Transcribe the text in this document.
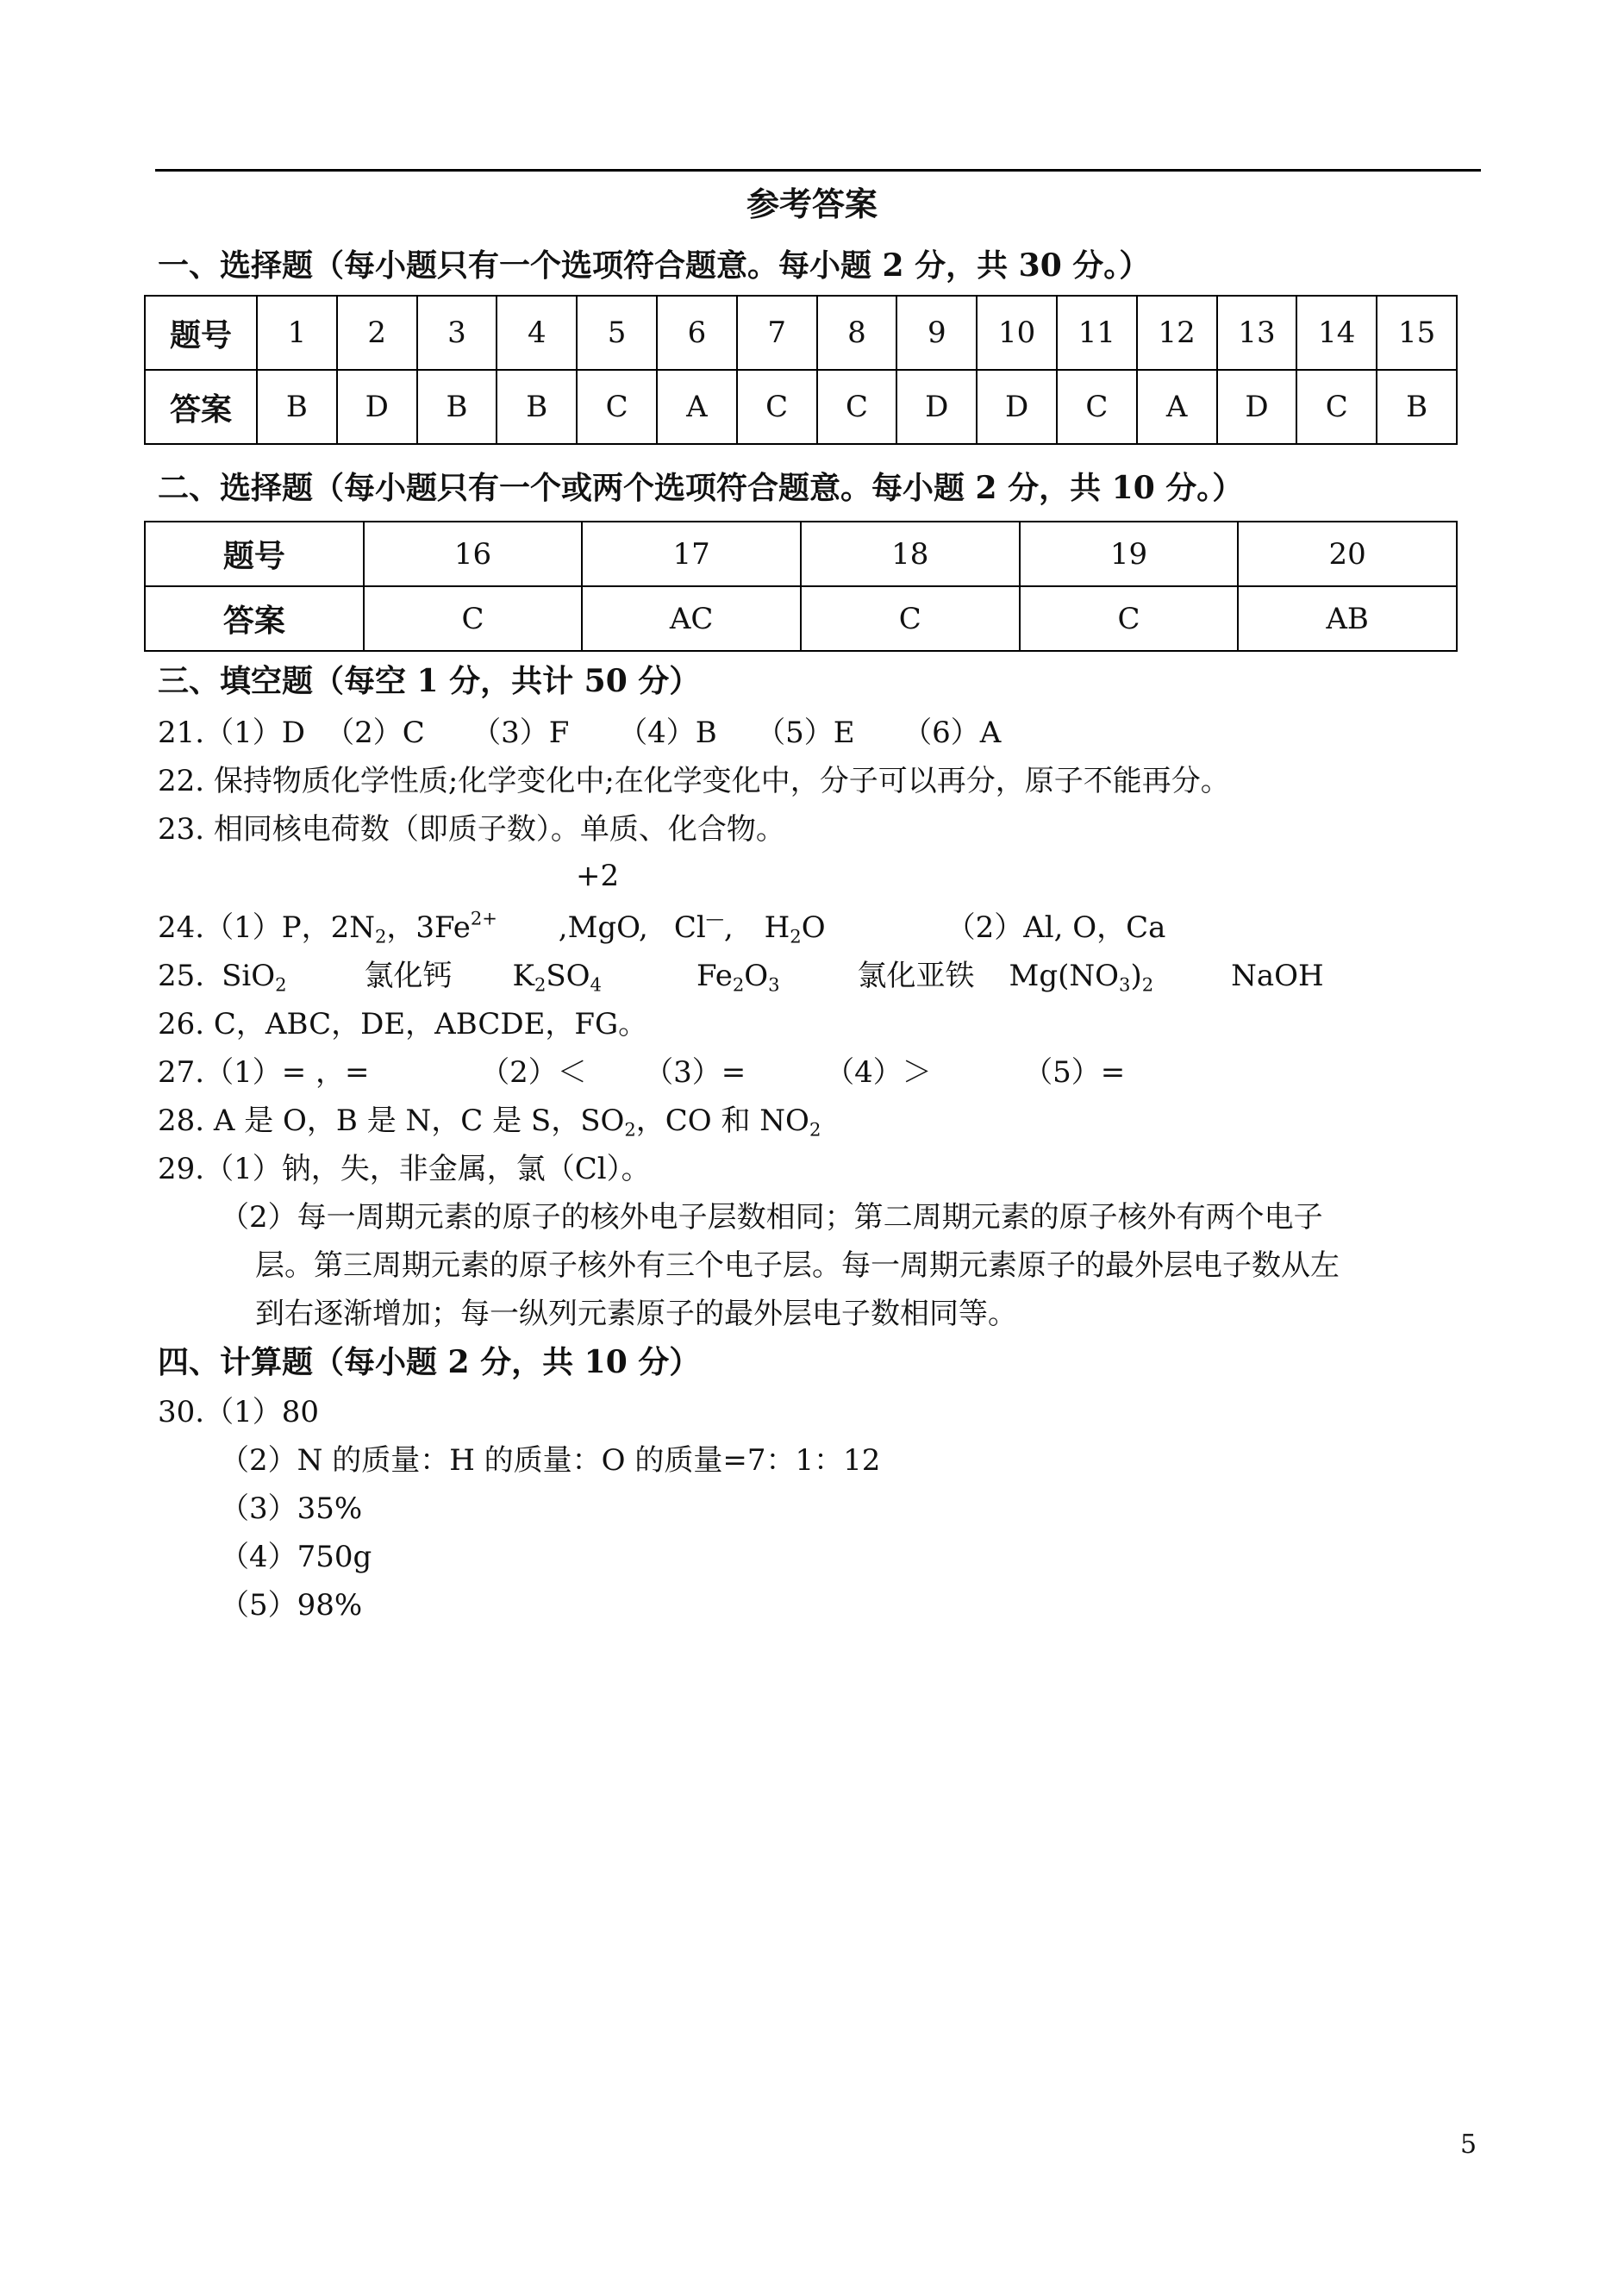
参考答案
一、选择题（每小题只有一个选项符合题意。每小题 2 分，共 30 分。）
题号	1	2	3	4	5	6	7	8	9	10	11	12	13	14	15
答案	B	D	B	B	C	A	C	C	D	D	C	A	D	C	B
二、选择题（每小题只有一个或两个选项符合题意。每小题 2 分，共 10 分。）
题号	16	17	18	19	20
答案	C	AC	C	C	AB
三、填空题（每空 1 分，共计 50 分）
21.（1）D （2）C （3）F （4）B （5）E （6）A
22. 保持物质化学性质;化学变化中;在化学变化中，分子可以再分，原子不能再分。
23. 相同核电荷数（即质子数）。单质、化合物。
+2
24.（1）P，$2N_2$，$3Fe^{2+}$ ,MgO, Cl—, $H_2O$	（2）Al, O，Ca
25. SiO$_2$	氯化钙 $K_2SO_4$	$Fe_2O_3$	氯化亚铁 $Mg(NO_3)_2$	NaOH
26. C，ABC，DE，ABCDE，FG。
27.（1）= ，=	（2）＜ （3）=	（4）＞	（5）=
28. A 是 O，B 是 N，C 是 S，$SO_2$，CO 和 $NO_2$
29.（1）钠，失，非金属，氯（Cl）。
（2）每一周期元素的原子的核外电子层数相同；第二周期元素的原子核外有两个电子
层。第三周期元素的原子核外有三个电子层。每一周期元素原子的最外层电子数从左
到右逐渐增加；每一纵列元素原子的最外层电子数相同等。
四、计算题（每小题 2 分，共 10 分）
30.（1）80
（2）N 的质量：H 的质量：O 的质量=7：1：12
（3）35%
（4）750g
（5）98%
5
